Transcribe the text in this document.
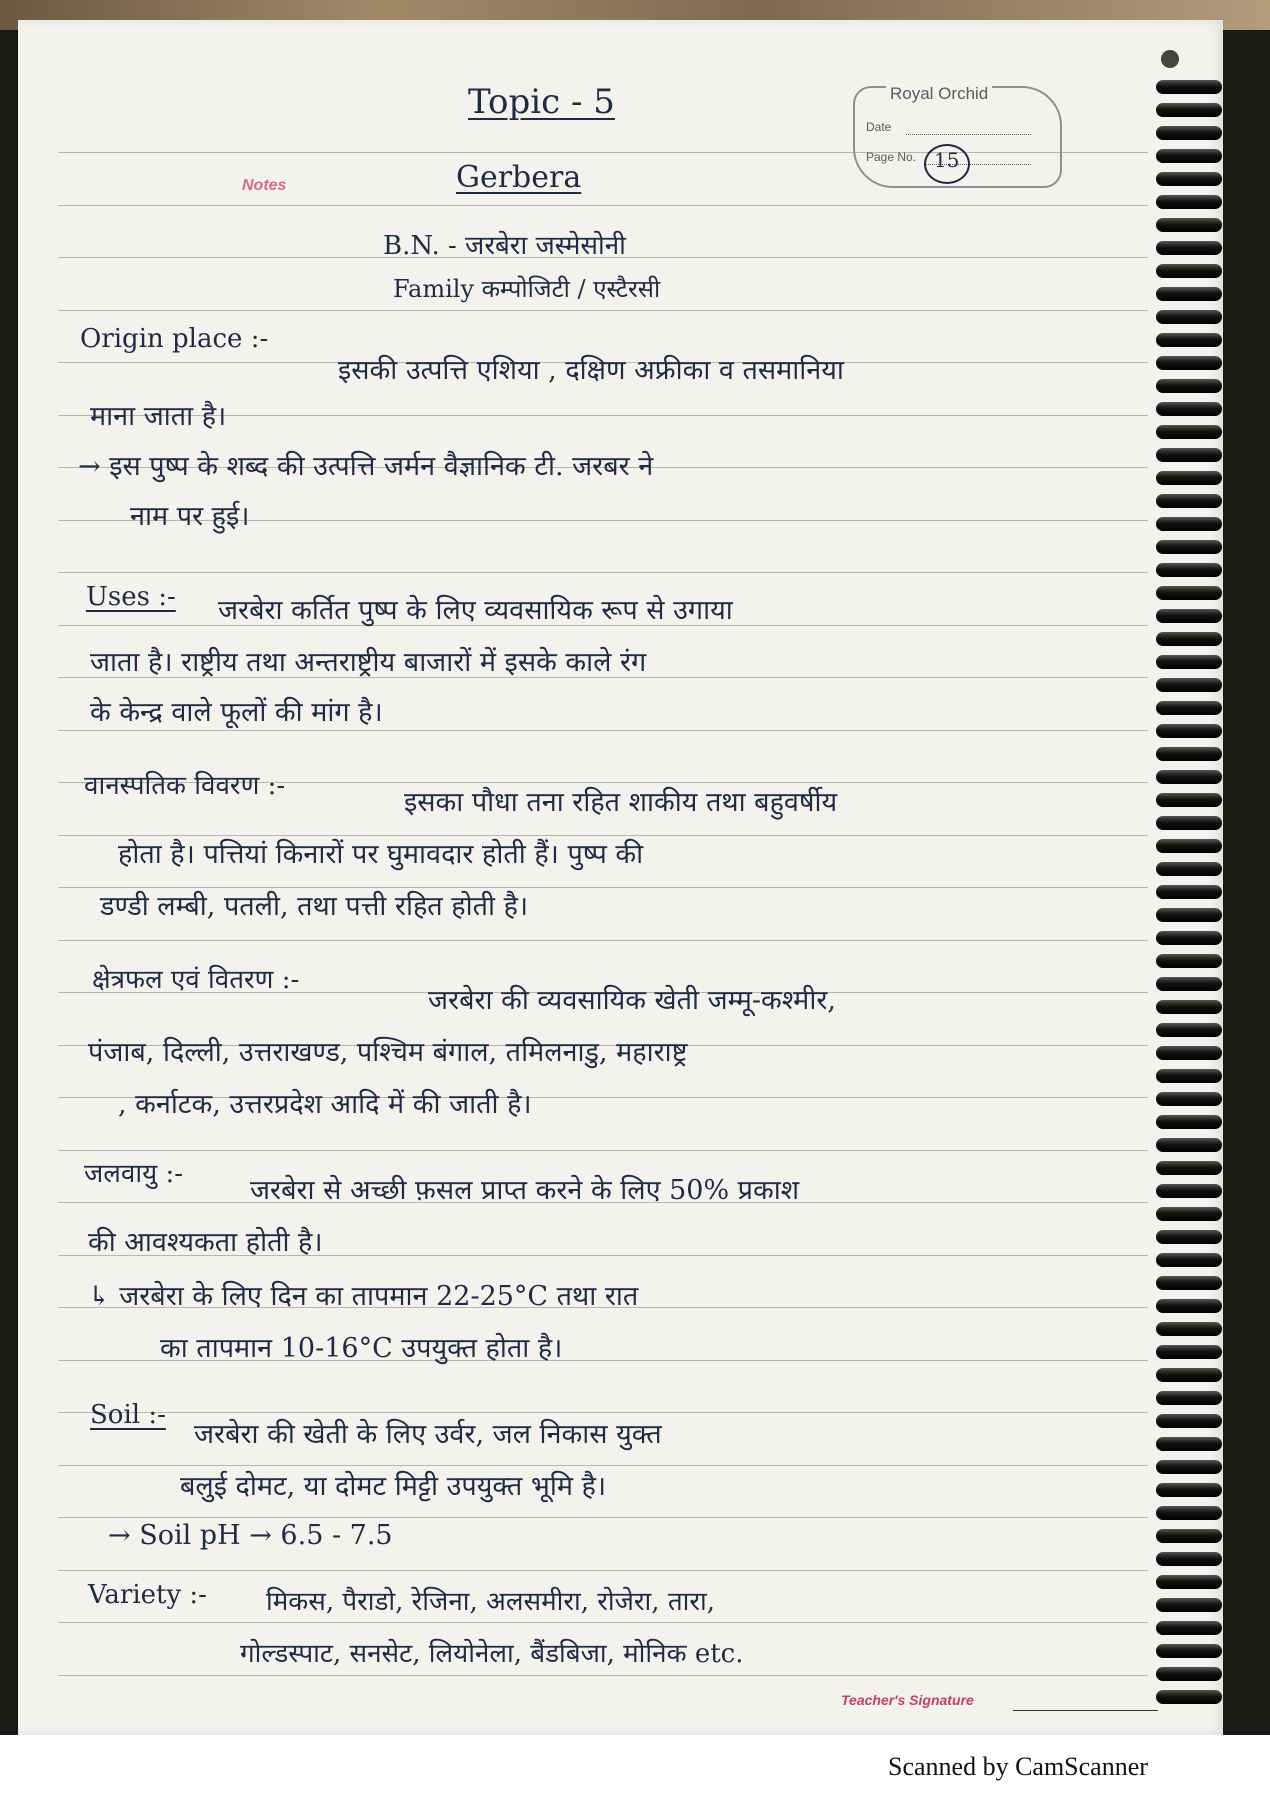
Royal Orchid
Date
Page No. 15
Notes
Topic - 5
Gerbera
B.N. - जरबेरा जस्मेसोनी
Family कम्पोजिटी / एस्टैरसी
Origin place :-
इसकी उत्पत्ति एशिया , दक्षिण अफ्रीका व तसमानिया
माना जाता है।
→ इस पुष्प के शब्द की उत्पत्ति जर्मन वैज्ञानिक टी. जरबर ने
नाम पर हुई।
Uses :- जरबेरा कर्तित पुष्प के लिए व्यवसायिक रूप से उगाया
जाता है। राष्ट्रीय तथा अन्तराष्ट्रीय बाजारों में इसके काले रंग
के केन्द्र वाले फूलों की मांग है।
वानस्पतिक विवरण :-
इसका पौधा तना रहित शाकीय तथा बहुवर्षीय
होता है। पत्तियां किनारों पर घुमावदार होती हैं। पुष्प की
डण्डी लम्बी, पतली, तथा पत्ती रहित होती है।
क्षेत्रफल एवं वितरण :-
जरबेरा की व्यवसायिक खेती जम्मू-कश्मीर,
पंजाब, दिल्ली, उत्तराखण्ड, पश्चिम बंगाल, तमिलनाडु, महाराष्ट्र
, कर्नाटक, उत्तरप्रदेश आदि में की जाती है।
जलवायु :-
जरबेरा से अच्छी फ़सल प्राप्त करने के लिए 50% प्रकाश
की आवश्यकता होती है।
↳ जरबेरा के लिए दिन का तापमान 22-25°C तथा रात
का तापमान 10-16°C उपयुक्त होता है।
Soil :-
जरबेरा की खेती के लिए उर्वर, जल निकास युक्त
बलुई दोमट, या दोमट मिट्टी उपयुक्त भूमि है।
→ Soil pH → 6.5 - 7.5
Variety :- मिकस, पैराडो, रेजिना, अलसमीरा, रोजेरा, तारा,
गोल्डस्पाट, सनसेट, लियोनेला, बैंडबिजा, मोनिक etc.
Teacher's Signature
Scanned by CamScanner
